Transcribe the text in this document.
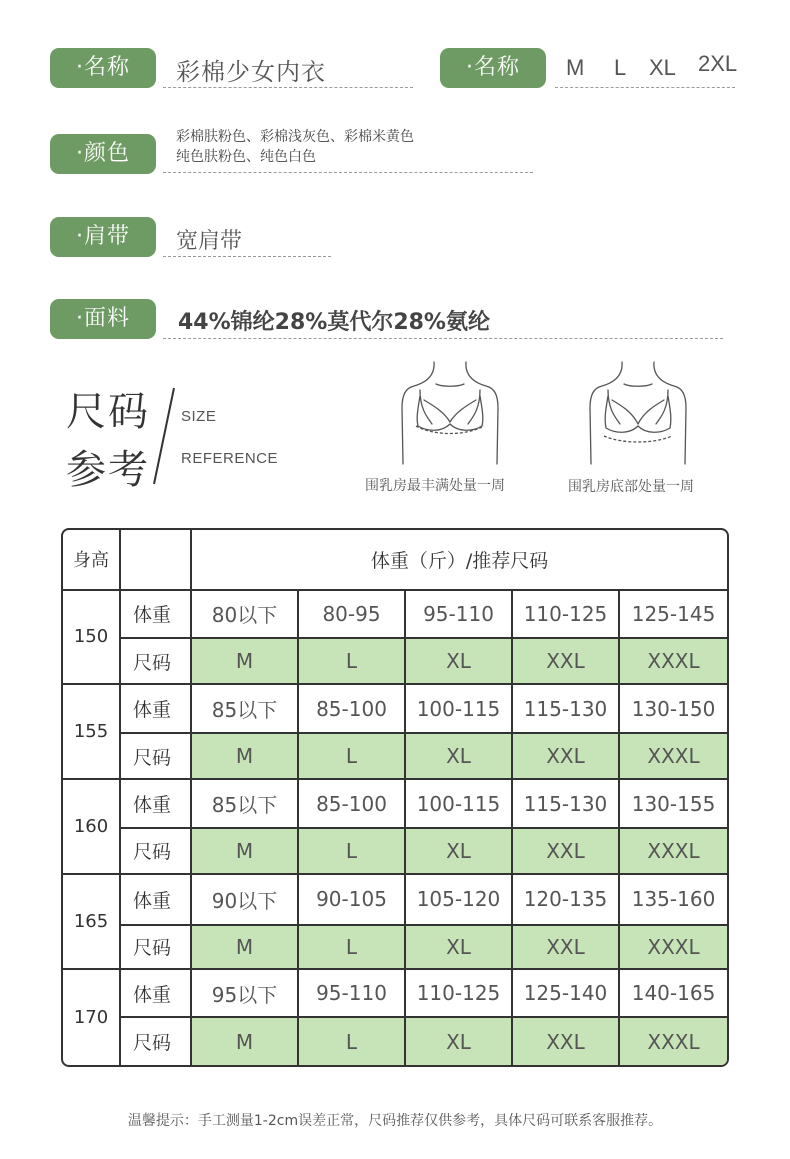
·名称	彩棉少女内衣	·名称	M L XL 2XL
·颜色
彩棉肤粉色、彩棉浅灰色、彩棉米黄色
纯色肤粉色、纯色白色
·肩带	宽肩带
·面料	44%锦纶28%莫代尔28%氨纶
尺码
参考
SIZE
REFERENCE
围乳房最丰满处量一周	围乳房底部处量一周
身高		体重（斤）/推荐尺码				
150	体重	80以下	80-95	95-110	110-125	125-145
	尺码	M	L	XL	XXL	XXXL
155	体重	85以下	85-100	100-115	115-130	130-150
	尺码	M	L	XL	XXL	XXXL
160	体重	85以下	85-100	100-115	115-130	130-155
	尺码	M	L	XL	XXL	XXXL
165	体重	90以下	90-105	105-120	120-135	135-160
	尺码	M	L	XL	XXL	XXXL
170	体重	95以下	95-110	110-125	125-140	140-165
	尺码	M	L	XL	XXL	XXXL
温馨提示：手工测量1-2cm误差正常，尺码推荐仅供参考，具体尺码可联系客服推荐。
